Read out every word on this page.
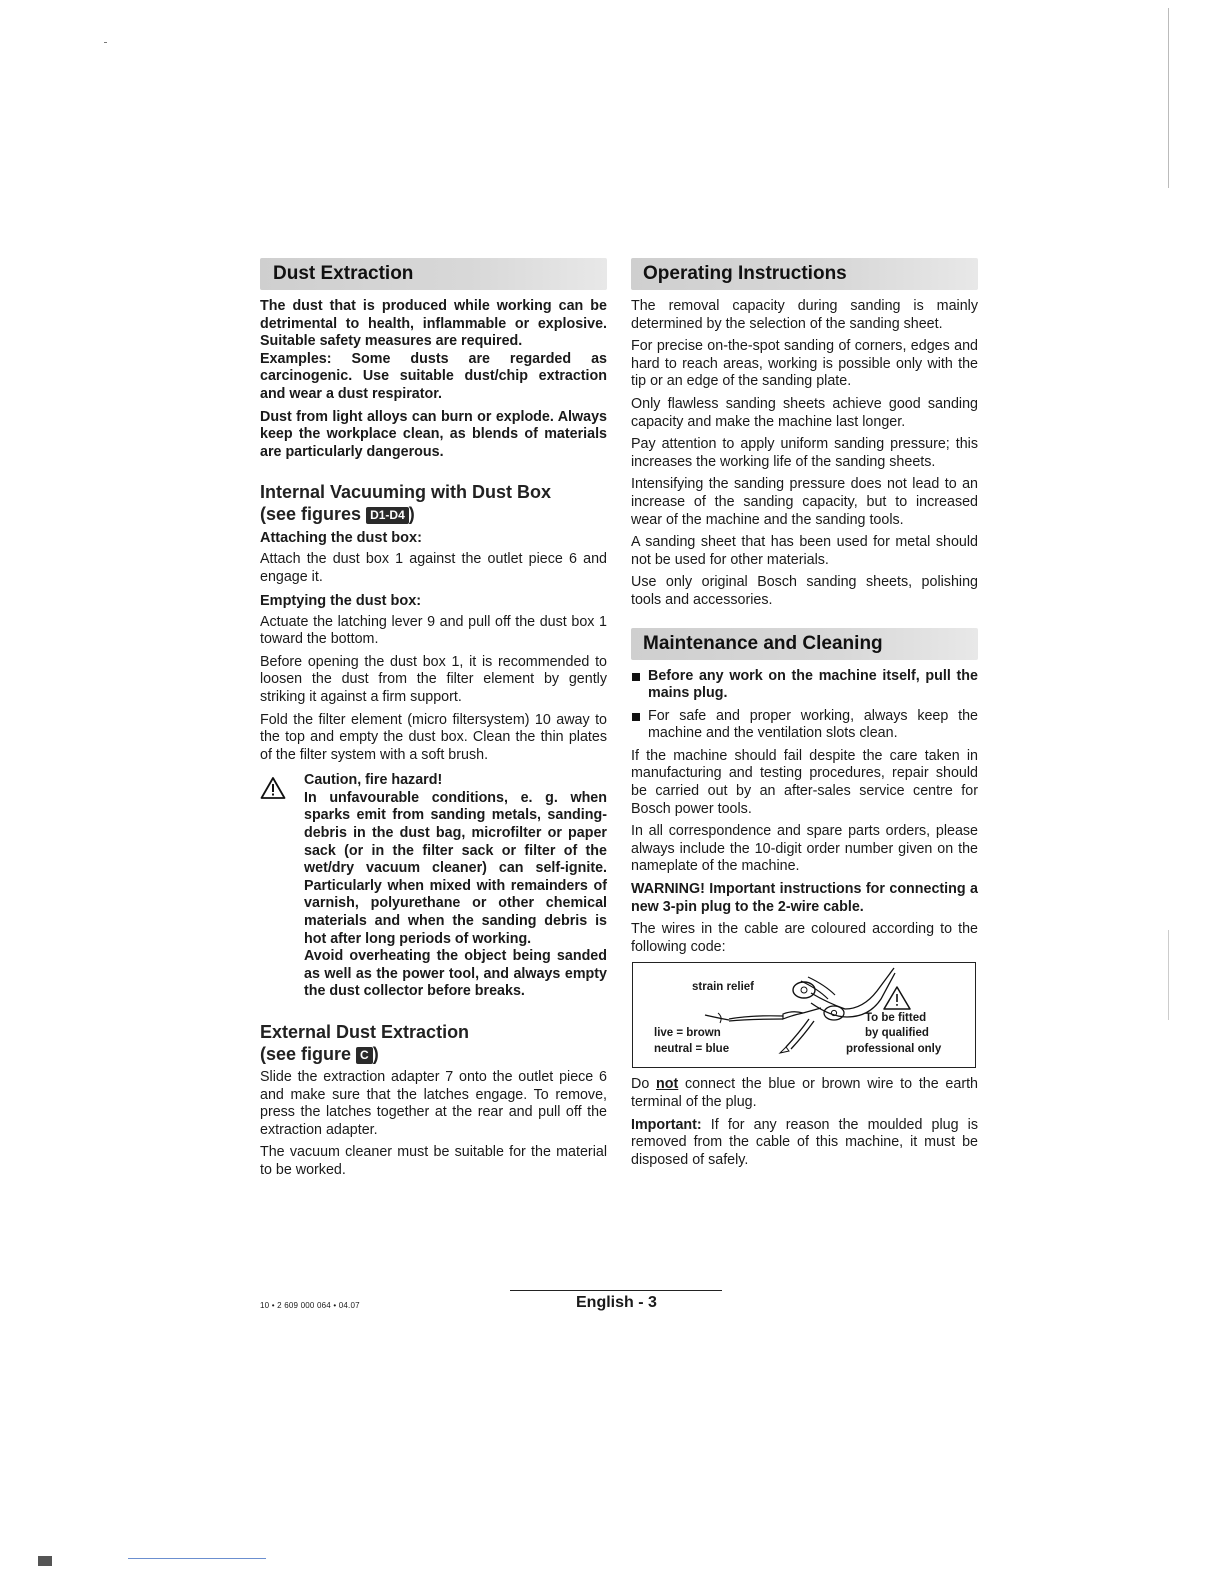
Dust Extraction

The dust that is produced while working can be detrimental to health, inflammable or explosive. Suitable safety measures are required.

Examples: Some dusts are regarded as carcinogenic. Use suitable dust/chip extraction and wear a dust respirator.

Dust from light alloys can burn or explode. Always keep the workplace clean, as blends of materials are particularly dangerous.

Internal Vacuuming with Dust Box
(see figures D1-D4 )
Attaching the dust box:

Attach the dust box 1 against the outlet piece 6 and engage it.

Emptying the dust box:

Actuate the latching lever 9 and pull off the dust box 1 toward the bottom.

Before opening the dust box 1, it is recommended to loosen the dust from the filter element by gently striking it against a firm support.

Fold the filter element (micro filtersystem) 10 away to the top and empty the dust box. Clean the thin plates of the filter system with a soft brush.

Caution, fire hazard!

In unfavourable conditions, e. g. when sparks emit from sanding metals, sanding-debris in the dust bag, microfilter or paper sack (or in the filter sack or filter of the wet/dry vacuum cleaner) can self-ignite. Particularly when mixed with remainders of varnish, polyurethane or other chemical materials and when the sanding debris is hot after long periods of working.

Avoid overheating the object being sanded as well as the power tool, and always empty the dust collector before breaks.

External Dust Extraction
(see figure C )

Slide the extraction adapter 7 onto the outlet piece 6 and make sure that the latches engage. To remove, press the latches together at the rear and pull off the extraction adapter.

The vacuum cleaner must be suitable for the material to be worked.

Operating Instructions

The removal capacity during sanding is mainly determined by the selection of the sanding sheet.

For precise on-the-spot sanding of corners, edges and hard to reach areas, working is possible only with the tip or an edge of the sanding plate.

Only flawless sanding sheets achieve good sanding capacity and make the machine last longer.

Pay attention to apply uniform sanding pressure; this increases the working life of the sanding sheets.

Intensifying the sanding pressure does not lead to an increase of the sanding capacity, but to increased wear of the machine and the sanding tools.

A sanding sheet that has been used for metal should not be used for other materials.

Use only original Bosch sanding sheets, polishing tools and accessories.

Maintenance and Cleaning

Before any work on the machine itself, pull the mains plug.

For safe and proper working, always keep the machine and the ventilation slots clean.

If the machine should fail despite the care taken in manufacturing and testing procedures, repair should be carried out by an after-sales service centre for Bosch power tools.

In all correspondence and spare parts orders, please always include the 10-digit order number given on the nameplate of the machine.

WARNING! Important instructions for connecting a new 3-pin plug to the 2-wire cable.

The wires in the cable are coloured according to the following code:

strain relief
live = brown
neutral = blue
To be fitted
by qualified
professional only

Do not connect the blue or brown wire to the earth terminal of the plug.

Important: If for any reason the moulded plug is removed from the cable of this machine, it must be disposed of safely.

10 • 2 609 000 064 • 04.07	English - 3
